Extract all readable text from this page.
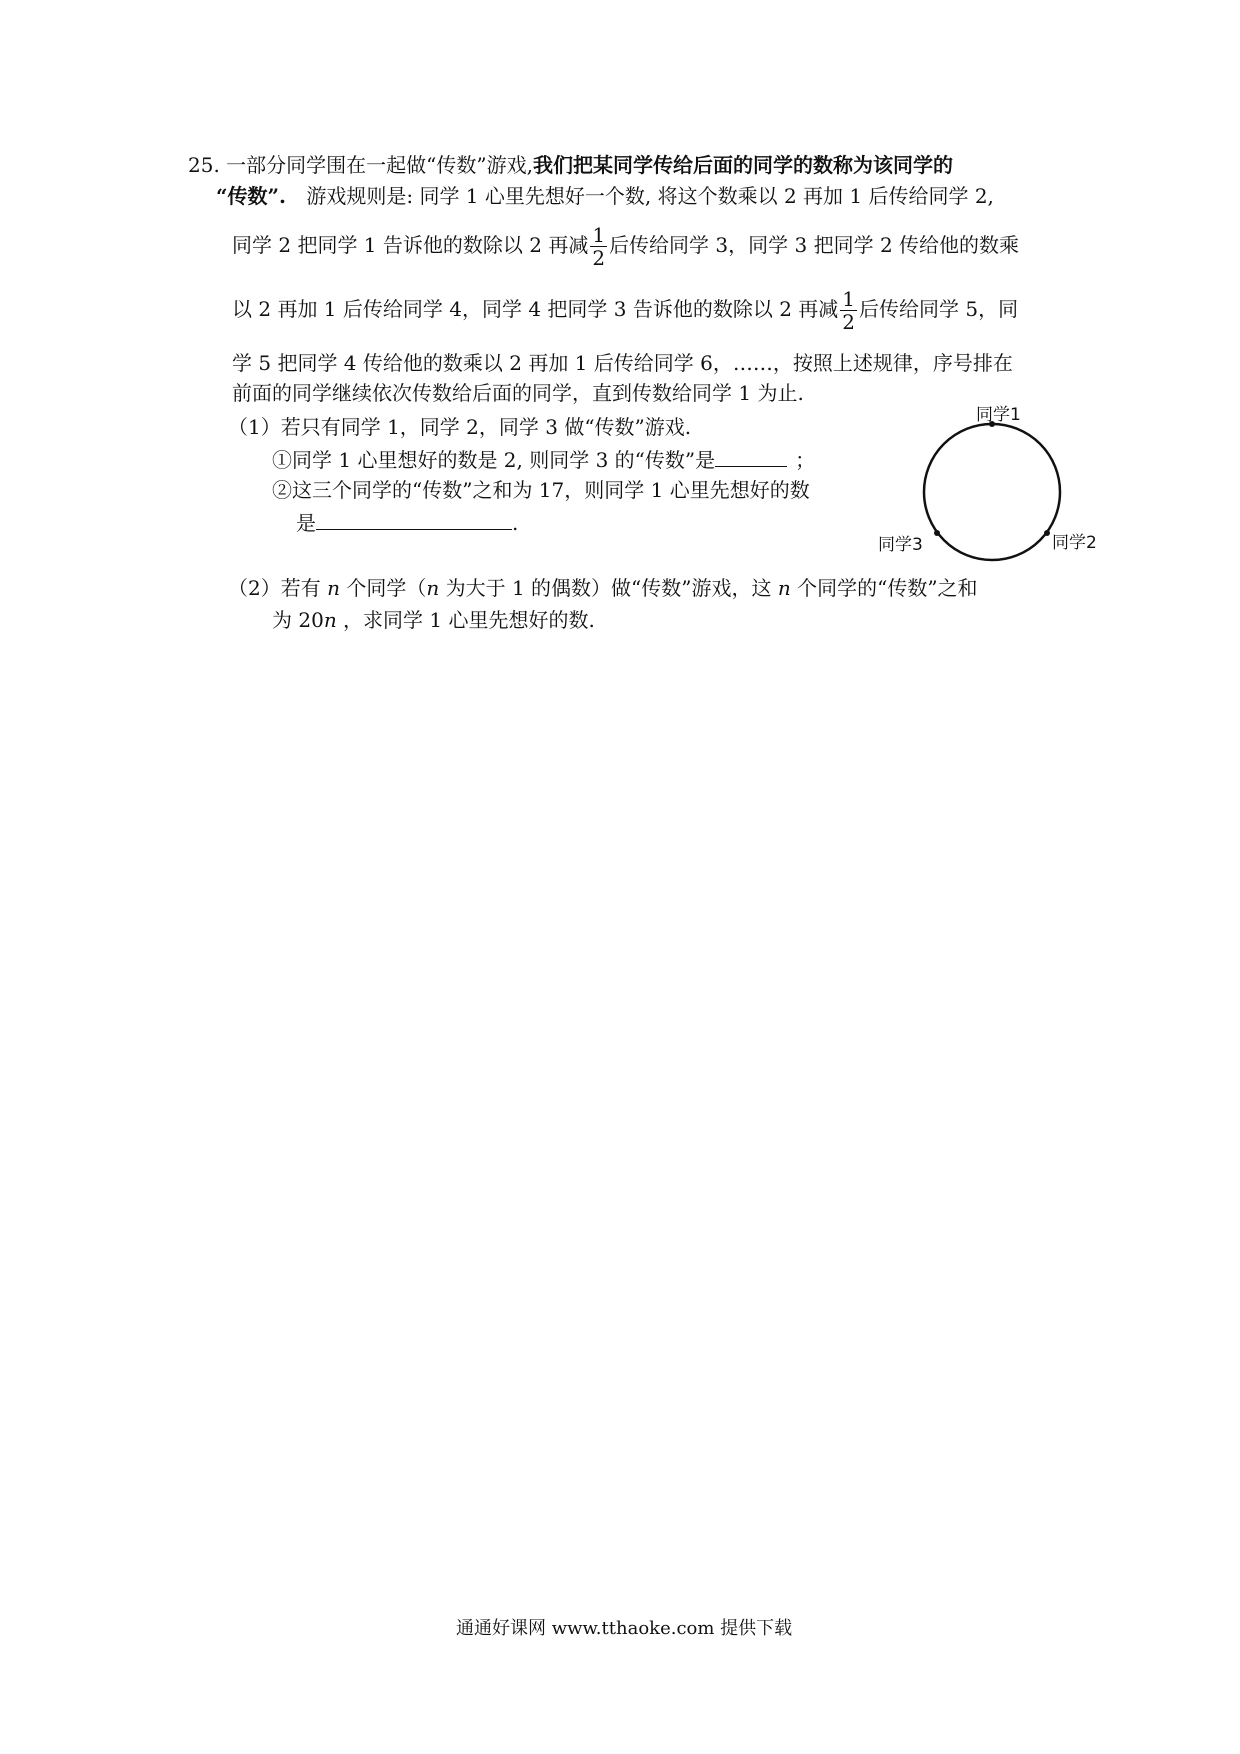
25. 一部分同学围在一起做“传数”游戏,我们把某同学传给后面的同学的数称为该同学的
“传数”. 游戏规则是: 同学 1 心里先想好一个数, 将这个数乘以 2 再加 1 后传给同学 2,
同学 2 把同学 1 告诉他的数除以 2 再减 $\frac{1}{2}$ 后传给同学 3，同学 3 把同学 2 传给他的数乘
以 2 再加 1 后传给同学 4，同学 4 把同学 3 告诉他的数除以 2 再减 $\frac{1}{2}$ 后传给同学 5，同
学 5 把同学 4 传给他的数乘以 2 再加 1 后传给同学 6，……，按照上述规律，序号排在
前面的同学继续依次传数给后面的同学，直到传数给同学 1 为止.
（1）若只有同学 1，同学 2，同学 3 做“传数”游戏.
①同学 1 心里想好的数是 2, 则同学 3 的“传数”是	；
②这三个同学的“传数”之和为 17，则同学 1 心里先想好的数
是	.
同学1
同学2
同学3
（2）若有 n 个同学（n 为大于 1 的偶数）做“传数”游戏，这 n 个同学的“传数”之和
为 20n ，求同学 1 心里先想好的数.
通通好课网 www.tthaoke.com 提供下载
